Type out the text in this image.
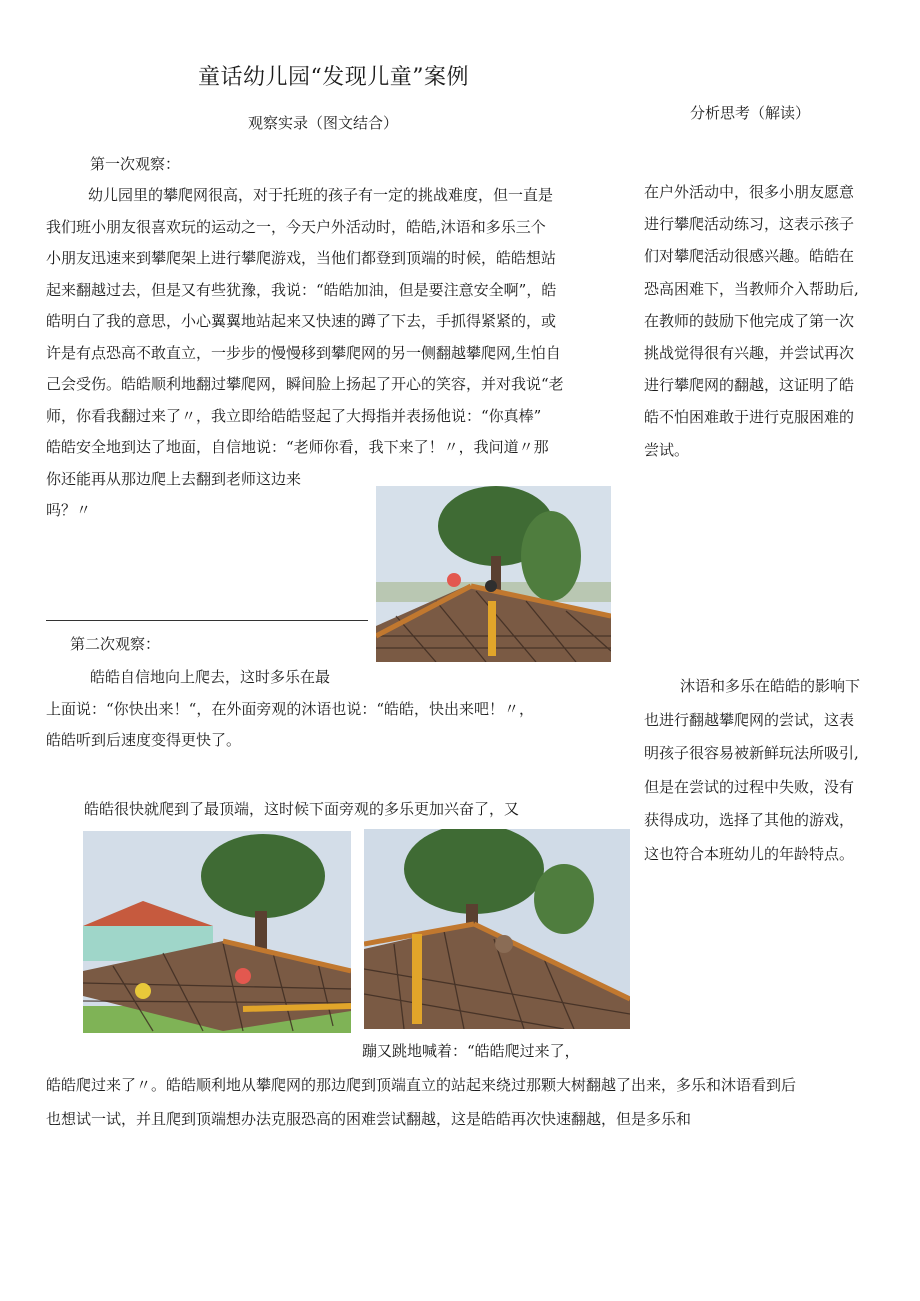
童话幼儿园“发现儿童”案例
观察实录（图文结合）
分析思考（解读）
第一次观察：
幼儿园里的攀爬网很高，对于托班的孩子有一定的挑战难度，但一直是
我们班小朋友很喜欢玩的运动之一，今天户外活动时，皓皓,沐语和多乐三个
小朋友迅速来到攀爬架上进行攀爬游戏，当他们都登到顶端的时候，皓皓想站
起来翻越过去，但是又有些犹豫，我说：“皓皓加油，但是要注意安全啊”，皓
皓明白了我的意思，小心翼翼地站起来又快速的蹲了下去，手抓得紧紧的，或
许是有点恐高不敢直立，一步步的慢慢移到攀爬网的另一侧翻越攀爬网,生怕自
己会受伤。皓皓顺利地翻过攀爬网，瞬间脸上扬起了开心的笑容，并对我说“老
师，你看我翻过来了〃，我立即给皓皓竖起了大拇指并表扬他说：“你真棒”
皓皓安全地到达了地面，自信地说：“老师你看，我下来了！〃，我问道〃那
你还能再从那边爬上去翻到老师这边来
吗？〃
在户外活动中，很多小朋友愿意
进行攀爬活动练习，这表示孩子
们对攀爬活动很感兴趣。皓皓在
恐高困难下，当教师介入帮助后,
在教师的鼓励下他完成了第一次
挑战觉得很有兴趣，并尝试再次
进行攀爬网的翻越，这证明了皓
皓不怕困难敢于进行克服困难的
尝试。
第二次观察：
皓皓自信地向上爬去，这时多乐在最
上面说：“你快出来！“，在外面旁观的沐语也说：“皓皓，快出来吧！〃，
皓皓听到后速度变得更快了。
皓皓很快就爬到了最顶端，这时候下面旁观的多乐更加兴奋了，又
沐语和多乐在皓皓的影响下
也进行翻越攀爬网的尝试，这表
明孩子很容易被新鲜玩法所吸引,
但是在尝试的过程中失败，没有
获得成功，选择了其他的游戏，
这也符合本班幼儿的年龄特点。
蹦又跳地喊着：“皓皓爬过来了，
皓皓爬过来了〃。皓皓顺利地从攀爬网的那边爬到顶端直立的站起来绕过那颗大树翻越了出来，多乐和沐语看到后
也想试一试，并且爬到顶端想办法克服恐高的困难尝试翻越，这是皓皓再次快速翻越，但是多乐和
